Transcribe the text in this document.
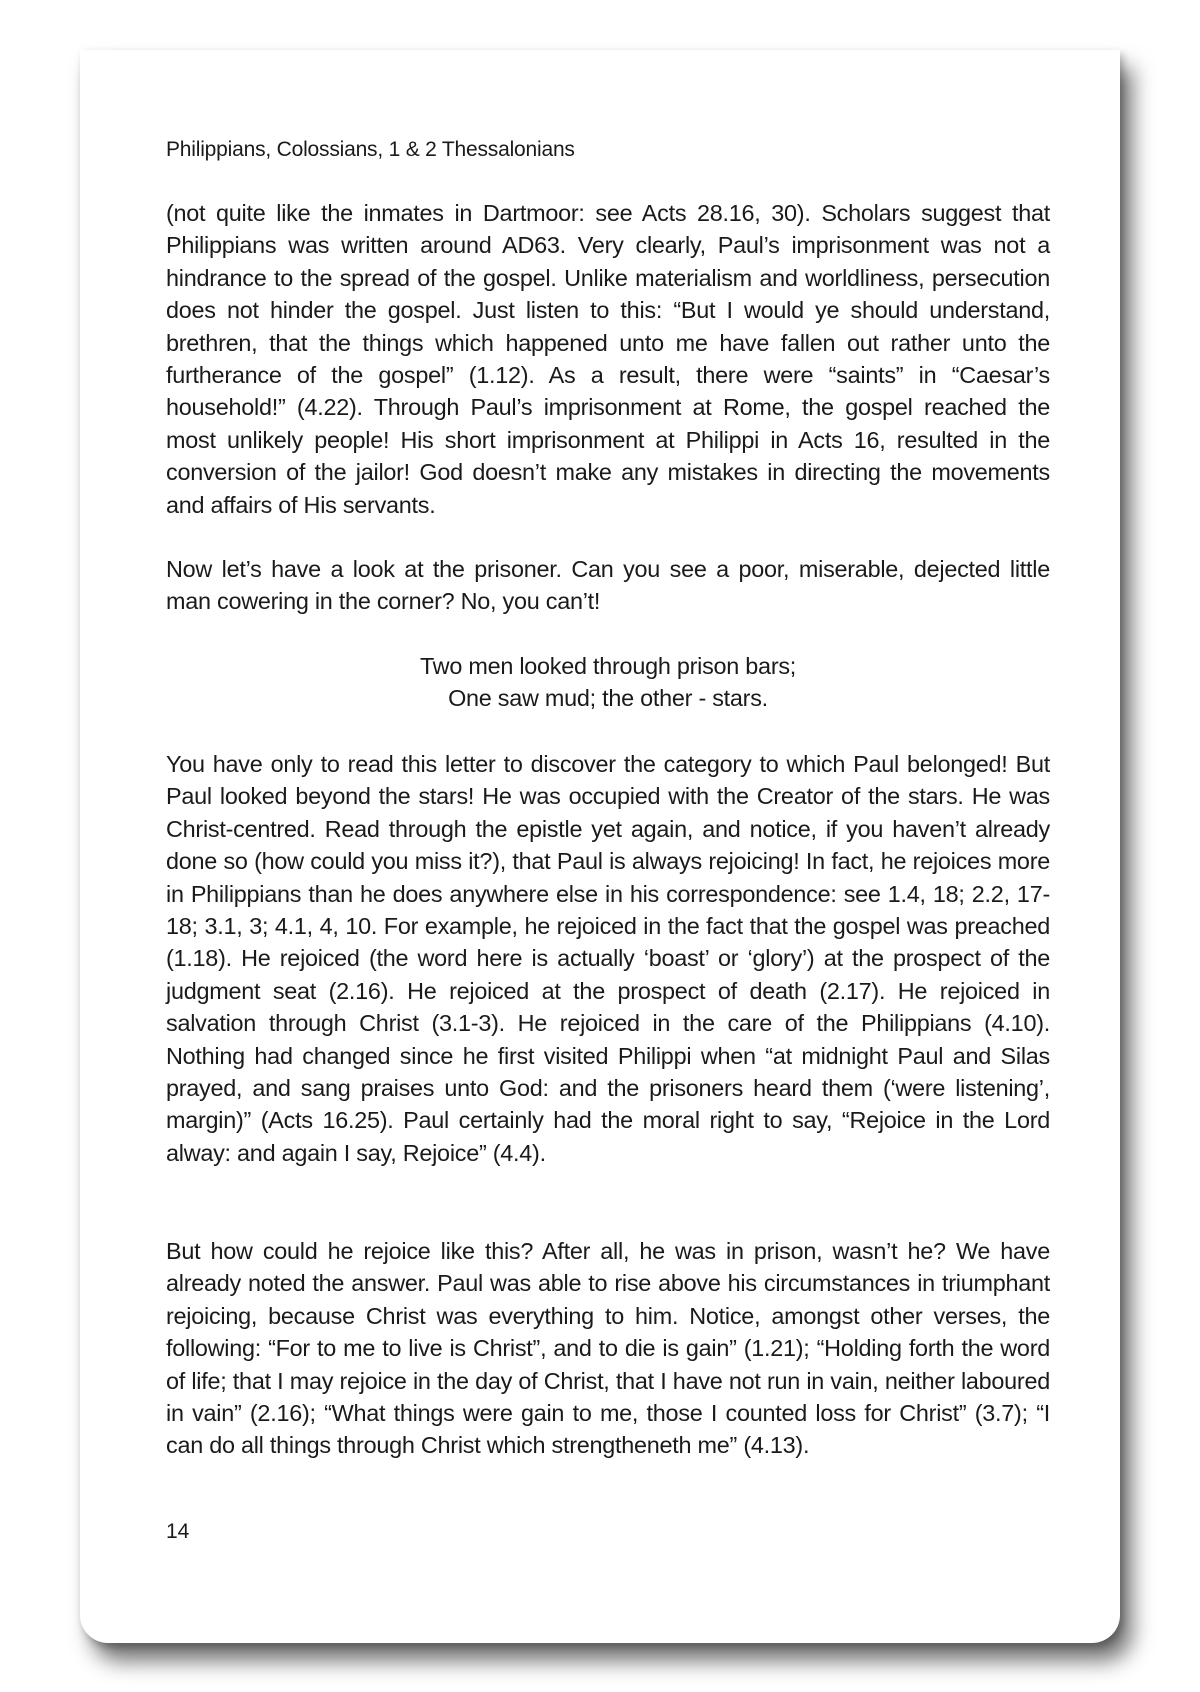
Philippians, Colossians, 1 & 2 Thessalonians

(not quite like the inmates in Dartmoor: see Acts 28.16, 30). Scholars suggest that Philippians was written around AD63. Very clearly, Paul’s imprisonment was not a hindrance to the spread of the gospel. Unlike materialism and worldliness, persecution does not hinder the gospel. Just listen to this: “But I would ye should understand, brethren, that the things which happened unto me have fallen out rather unto the furtherance of the gospel” (1.12). As a result, there were “saints” in “Caesar’s household!” (4.22). Through Paul’s imprisonment at Rome, the gospel reached the most unlikely people! His short imprisonment at Philippi in Acts 16, resulted in the conversion of the jailor! God doesn’t make any mistakes in directing the movements and affairs of His servants.

Now let’s have a look at the prisoner. Can you see a poor, miserable, dejected little man cowering in the corner? No, you can’t!

Two men looked through prison bars;
One saw mud; the other - stars.

You have only to read this letter to discover the category to which Paul belonged! But Paul looked beyond the stars! He was occupied with the Creator of the stars. He was Christ-centred. Read through the epistle yet again, and notice, if you haven’t already done so (how could you miss it?), that Paul is always rejoicing! In fact, he rejoices more in Philippians than he does anywhere else in his correspondence: see 1.4, 18; 2.2, 17-18; 3.1, 3; 4.1, 4, 10. For example, he rejoiced in the fact that the gospel was preached (1.18). He rejoiced (the word here is actually ‘boast’ or ‘glory’) at the prospect of the judgment seat (2.16). He rejoiced at the prospect of death (2.17). He rejoiced in salvation through Christ (3.1-3). He rejoiced in the care of the Philippians (4.10). Nothing had changed since he first visited Philippi when “at midnight Paul and Silas prayed, and sang praises unto God: and the prisoners heard them (‘were listening’, margin)” (Acts 16.25). Paul certainly had the moral right to say, “Rejoice in the Lord alway: and again I say, Rejoice” (4.4).

But how could he rejoice like this? After all, he was in prison, wasn’t he? We have already noted the answer. Paul was able to rise above his circumstances in triumphant rejoicing, because Christ was everything to him. Notice, amongst other verses, the following: “For to me to live is Christ”, and to die is gain” (1.21); “Holding forth the word of life; that I may rejoice in the day of Christ, that I have not run in vain, neither laboured in vain” (2.16); “What things were gain to me, those I counted loss for Christ” (3.7); “I can do all things through Christ which strengtheneth me” (4.13).

14
